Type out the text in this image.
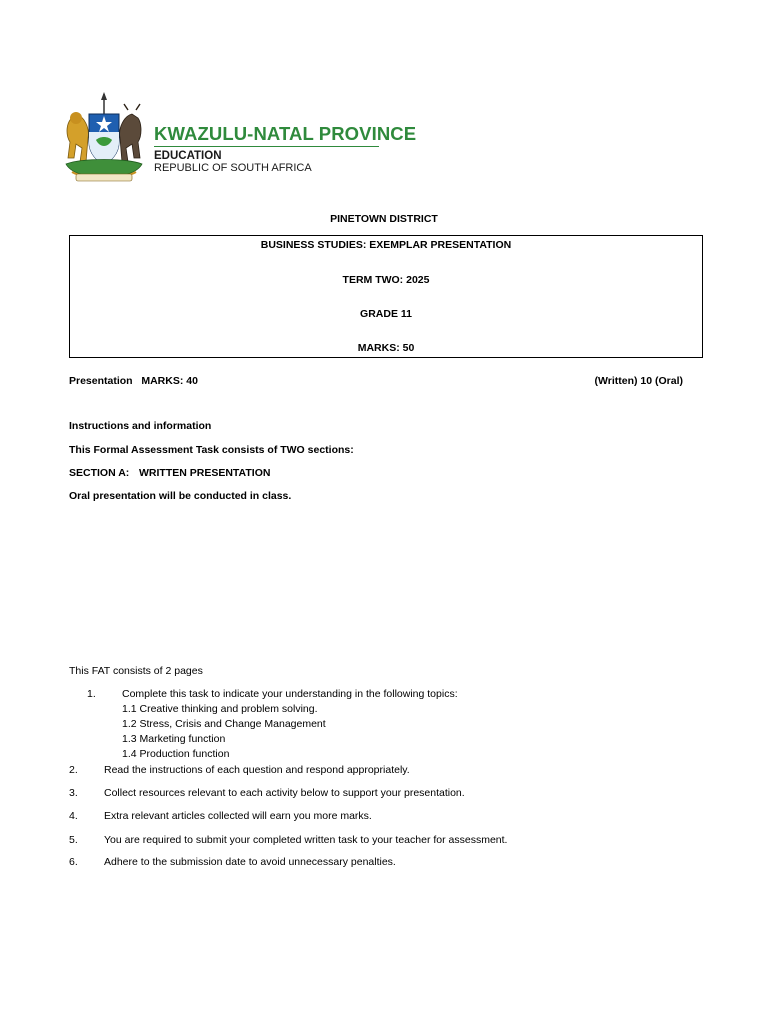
KWAZULU-NATAL PROVINCE
EDUCATION
REPUBLIC OF SOUTH AFRICA
PINETOWN DISTRICT
BUSINESS STUDIES: EXEMPLAR PRESENTATION
TERM TWO: 2025
GRADE 11
MARKS: 50
Presentation   MARKS: 40	(Written) 10 (Oral)
Instructions and information
This Formal Assessment Task consists of TWO sections:
SECTION A: WRITTEN PRESENTATION
Oral presentation will be conducted in class.
This FAT consists of 2 pages
1. Complete this task to indicate your understanding in the following topics:
1.1 Creative thinking and problem solving.
1.2 Stress, Crisis and Change Management
1.3 Marketing function
1.4 Production function
2. Read the instructions of each question and respond appropriately.
3. Collect resources relevant to each activity below to support your presentation.
4. Extra relevant articles collected will earn you more marks.
5. You are required to submit your completed written task to your teacher for assessment.
6. Adhere to the submission date to avoid unnecessary penalties.
